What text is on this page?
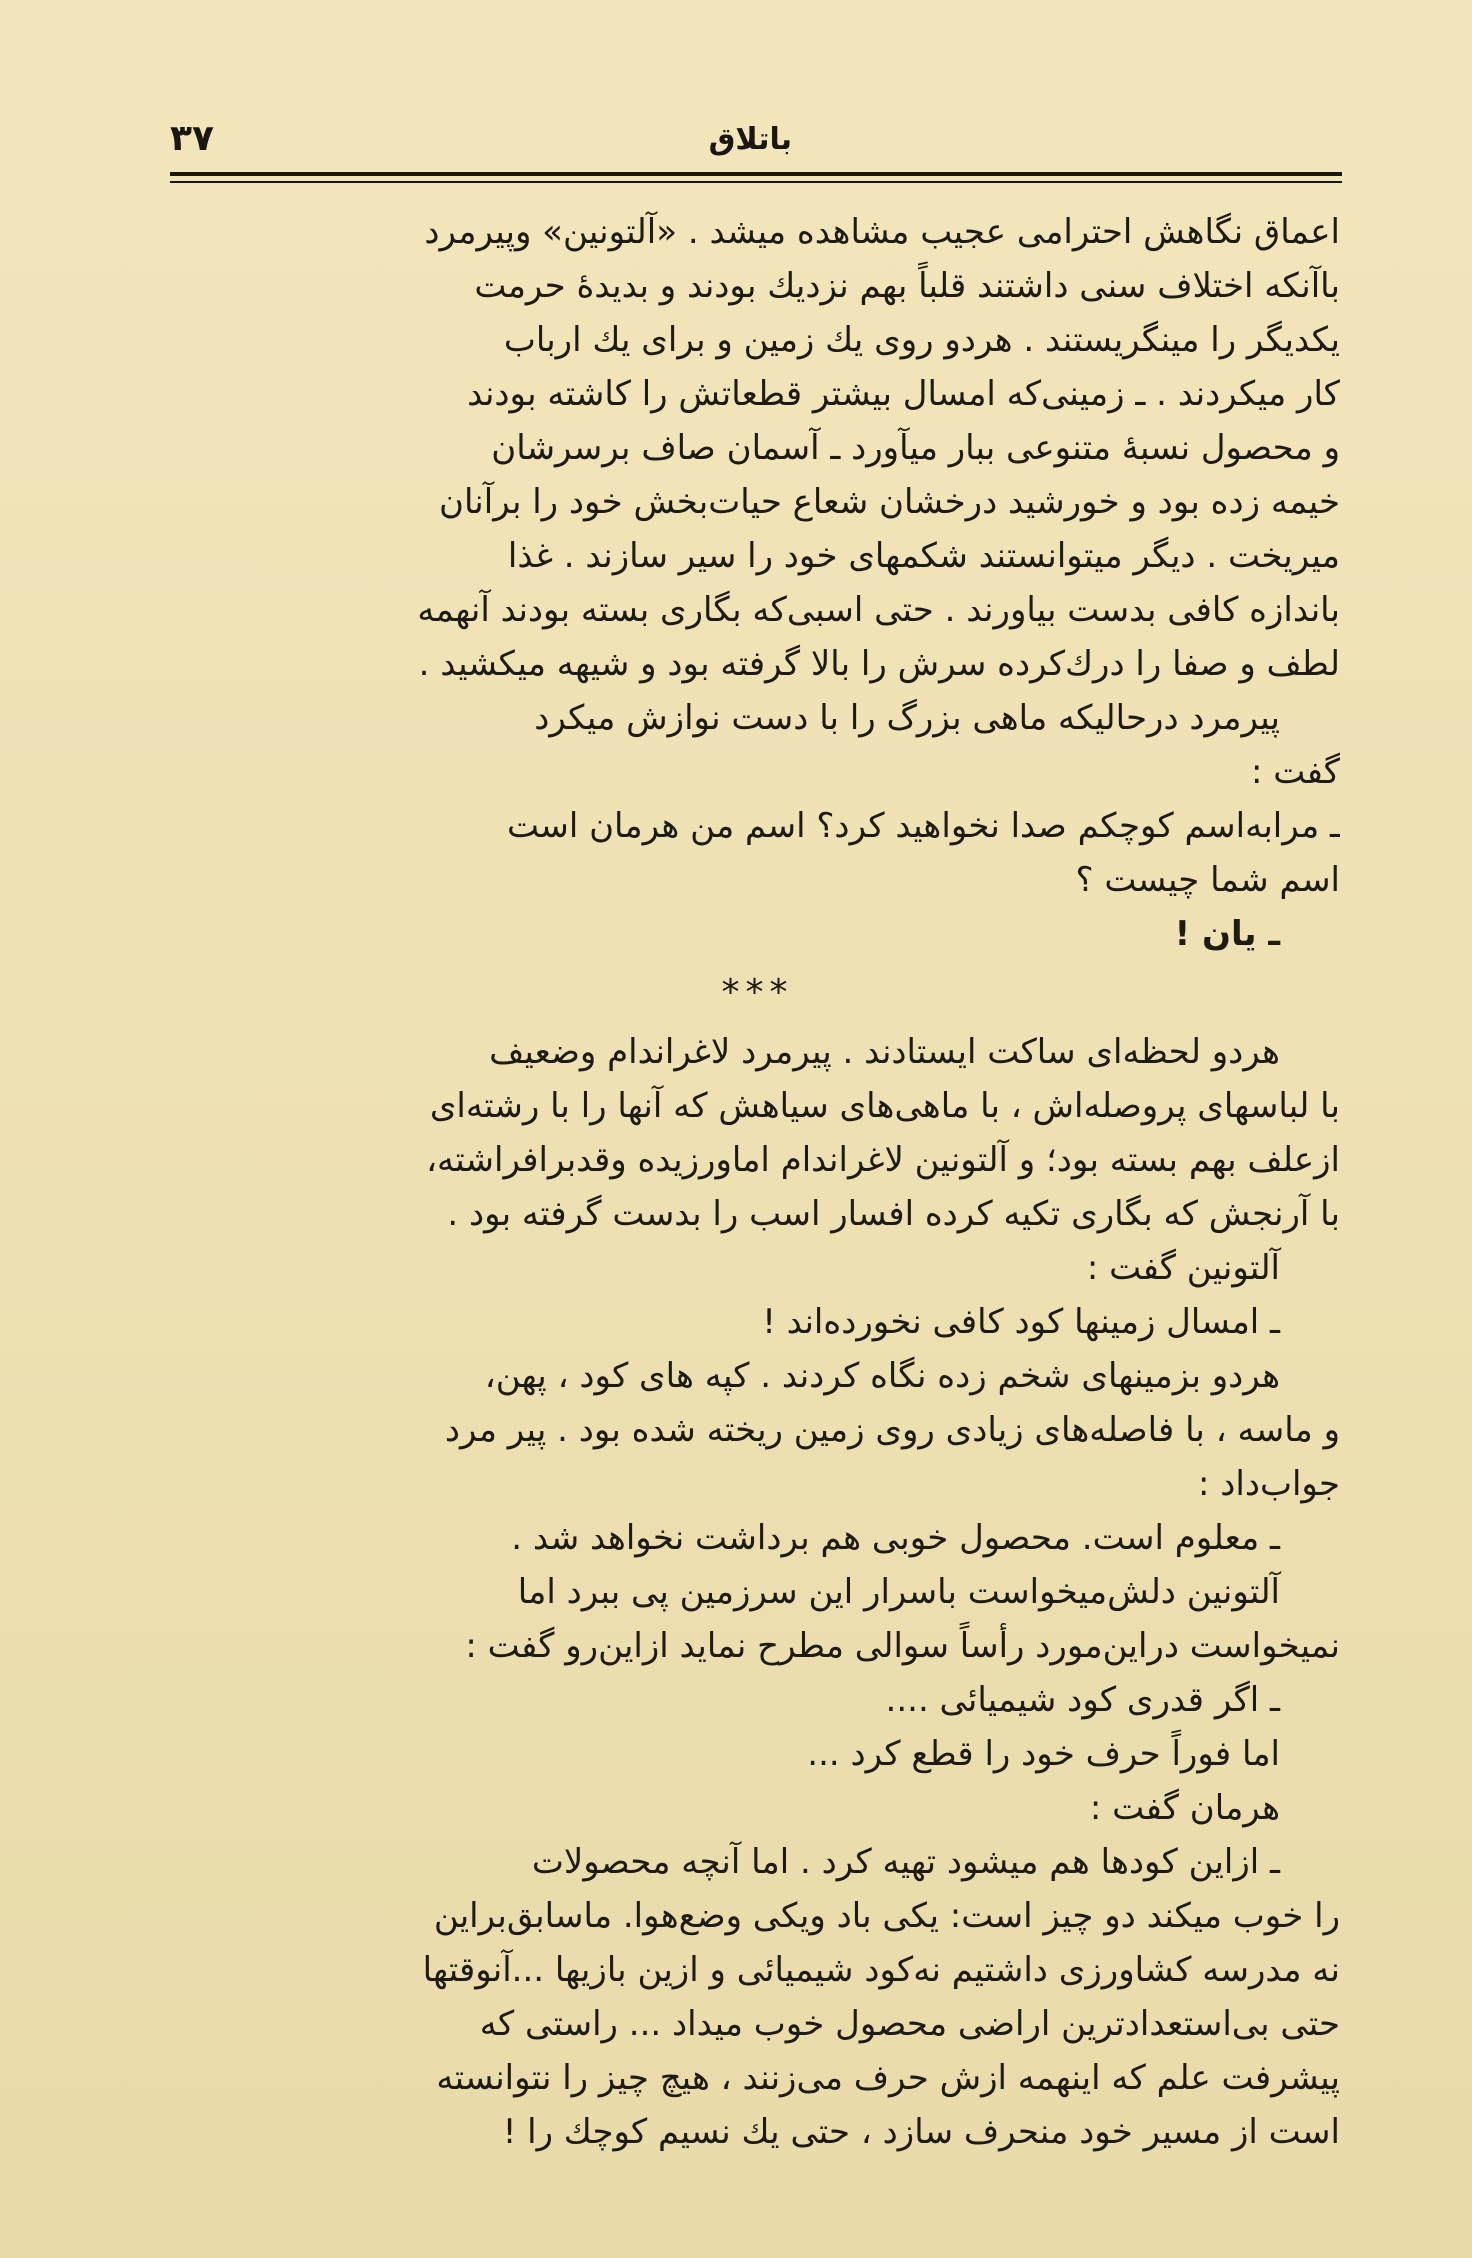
باتلاق
۳۷
اعماق نگاهش احترامی عجیب مشاهده میشد . «آلتونین» وپیرمرد
باآنکه اختلاف سنی داشتند قلباً بهم نزدیك بودند و بدیدهٔ حرمت
یکدیگر را مینگریستند . هردو روی یك زمین و برای یك ارباب
کار میکردند . ـ زمینی‌که امسال بیشتر قطعاتش را کاشته بودند
و محصول نسبهٔ متنوعی ببار میآورد ـ آسمان صاف برسرشان
خیمه زده بود و خورشید درخشان شعاع حیات‌بخش خود را برآنان
میریخت . دیگر میتوانستند شکمهای خود را سیر سازند . غذا
باندازه کافی بدست بیاورند . حتی اسبی‌که بگاری بسته بودند آنهمه
لطف و صفا را درك‌کرده سرش را بالا گرفته بود و شیهه میکشید .
پیرمرد درحالیکه ماهی بزرگ را با دست نوازش میکرد
گفت :
ـ مرابه‌اسم کوچکم صدا نخواهید کرد؟ اسم من هرمان است
اسم شما چیست ؟
ـ یان !
***
هردو لحظه‌ای ساکت ایستادند . پیرمرد لاغراندام وضعیف
با لباسهای پروصله‌اش ، با ماهی‌های سیاهش که آنها را با رشته‌ای
ازعلف بهم بسته بود؛ و آلتونین لاغراندام اماورزیده وقدبرافراشته،
با آرنجش که بگاری تکیه کرده افسار اسب را بدست گرفته بود .
آلتونین گفت :
ـ امسال زمینها کود کافی نخورده‌اند !
هردو بزمینهای شخم زده نگاه کردند . کپه های کود ، پهن،
و ماسه ، با فاصله‌های زیادی روی زمین ریخته شده بود . پیر مرد
جواب‌داد :
ـ معلوم است. محصول خوبی هم برداشت نخواهد شد .
آلتونین دلش‌میخواست باسرار این سرزمین پی ببرد اما
نمیخواست دراین‌مورد رأساً سوالی مطرح نماید ازاین‌رو گفت :
ـ اگر قدری کود شیمیائی ....
اما فوراً حرف خود را قطع کرد ...
هرمان گفت :
ـ ازاین کودها هم میشود تهیه کرد . اما آنچه محصولات
را خوب میکند دو چیز است: یکی باد ویکی وضع‌هوا. ماسابق‌براین
نه مدرسه کشاورزی داشتیم نه‌کود شیمیائی و ازین بازیها ...آنوقتها
حتی بی‌استعدادترین اراضی محصول خوب میداد ... راستی که
پیشرفت علم که اینهمه ازش حرف می‌زنند ، هیچ چیز را نتوانسته
است از مسیر خود منحرف سازد ، حتی یك نسیم کوچك را !
